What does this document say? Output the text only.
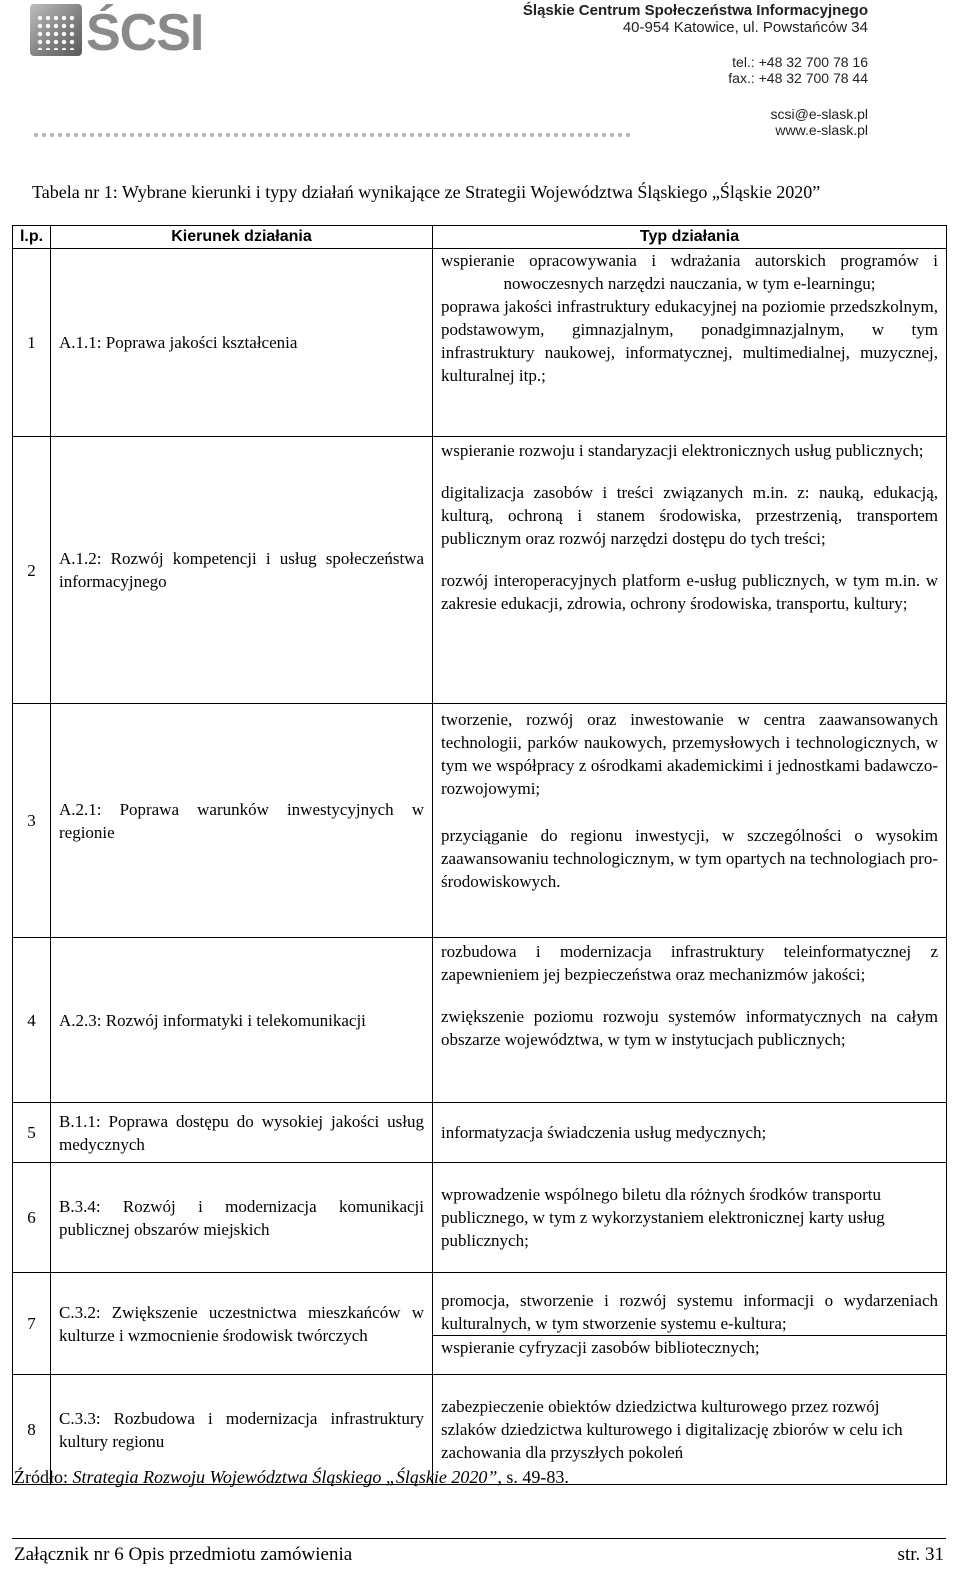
ŚCSI	Śląskie Centrum Społeczeństwa Informacyjnego
40-954 Katowice, ul. Powstańców 34
tel.: +48 32 700 78 16
fax.: +48 32 700 78 44
scsi@e-slask.pl
www.e-slask.pl
Tabela nr 1: Wybrane kierunki i typy działań wynikające ze Strategii Województwa Śląskiego „Śląskie 2020”
l.p.	Kierunek działania	Typ działania
1	A.1.1: Poprawa jakości kształcenia	wspieranie opracowywania i wdrażania autorskich programów i nowoczesnych narzędzi nauczania, w tym e-learningu;
poprawa jakości infrastruktury edukacyjnej na poziomie przedszkolnym, podstawowym, gimnazjalnym, ponadgimnazjalnym, w tym infrastruktury naukowej, informatycznej, multimedialnej, muzycznej, kulturalnej itp.;

2	A.1.2: Rozwój kompetencji i usług społeczeństwa informacyjnego	wspieranie rozwoju i standaryzacji elektronicznych usług publicznych;
digitalizacja zasobów i treści związanych m.in. z: nauką, edukacją, kulturą, ochroną i stanem środowiska, przestrzenią, transportem publicznym oraz rozwój narzędzi dostępu do tych treści;
rozwój interoperacyjnych platform e-usług publicznych, w tym m.in. w zakresie edukacji, zdrowia, ochrony środowiska, transportu, kultury;

3	A.2.1: Poprawa warunków inwestycyjnych w regionie	tworzenie, rozwój oraz inwestowanie w centra zaawansowanych technologii, parków naukowych, przemysłowych i technologicznych, w tym we współpracy z ośrodkami akademickimi i jednostkami badawczo-rozwojowymi;
przyciąganie do regionu inwestycji, w szczególności o wysokim zaawansowaniu technologicznym, w tym opartych na technologiach pro-środowiskowych.

4	A.2.3: Rozwój informatyki i telekomunikacji	rozbudowa i modernizacja infrastruktury teleinformatycznej z zapewnieniem jej bezpieczeństwa oraz mechanizmów jakości;
zwiększenie poziomu rozwoju systemów informatycznych na całym obszarze województwa, w tym w instytucjach publicznych;

5	B.1.1: Poprawa dostępu do wysokiej jakości usług medycznych	informatyzacja świadczenia usług medycznych;

6	B.3.4: Rozwój i modernizacja komunikacji publicznej obszarów miejskich	wprowadzenie wspólnego biletu dla różnych środków transportu publicznego, w tym z wykorzystaniem elektronicznej karty usług publicznych;

7	C.3.2: Zwiększenie uczestnictwa mieszkańców w kulturze i wzmocnienie środowisk twórczych	promocja, stworzenie i rozwój systemu informacji o wydarzeniach kulturalnych, w tym stworzenie systemu e-kultura;
wspieranie cyfryzacji zasobów bibliotecznych;

8	C.3.3: Rozbudowa i modernizacja infrastruktury kultury regionu	zabezpieczenie obiektów dziedzictwa kulturowego przez rozwój szlaków dziedzictwa kulturowego i digitalizację zbiorów w celu ich zachowania dla przyszłych pokoleń
Źródło: Strategia Rozwoju Województwa Śląskiego „Śląskie 2020”, s. 49-83.
Załącznik nr 6 Opis przedmiotu zamówienia	str. 31
